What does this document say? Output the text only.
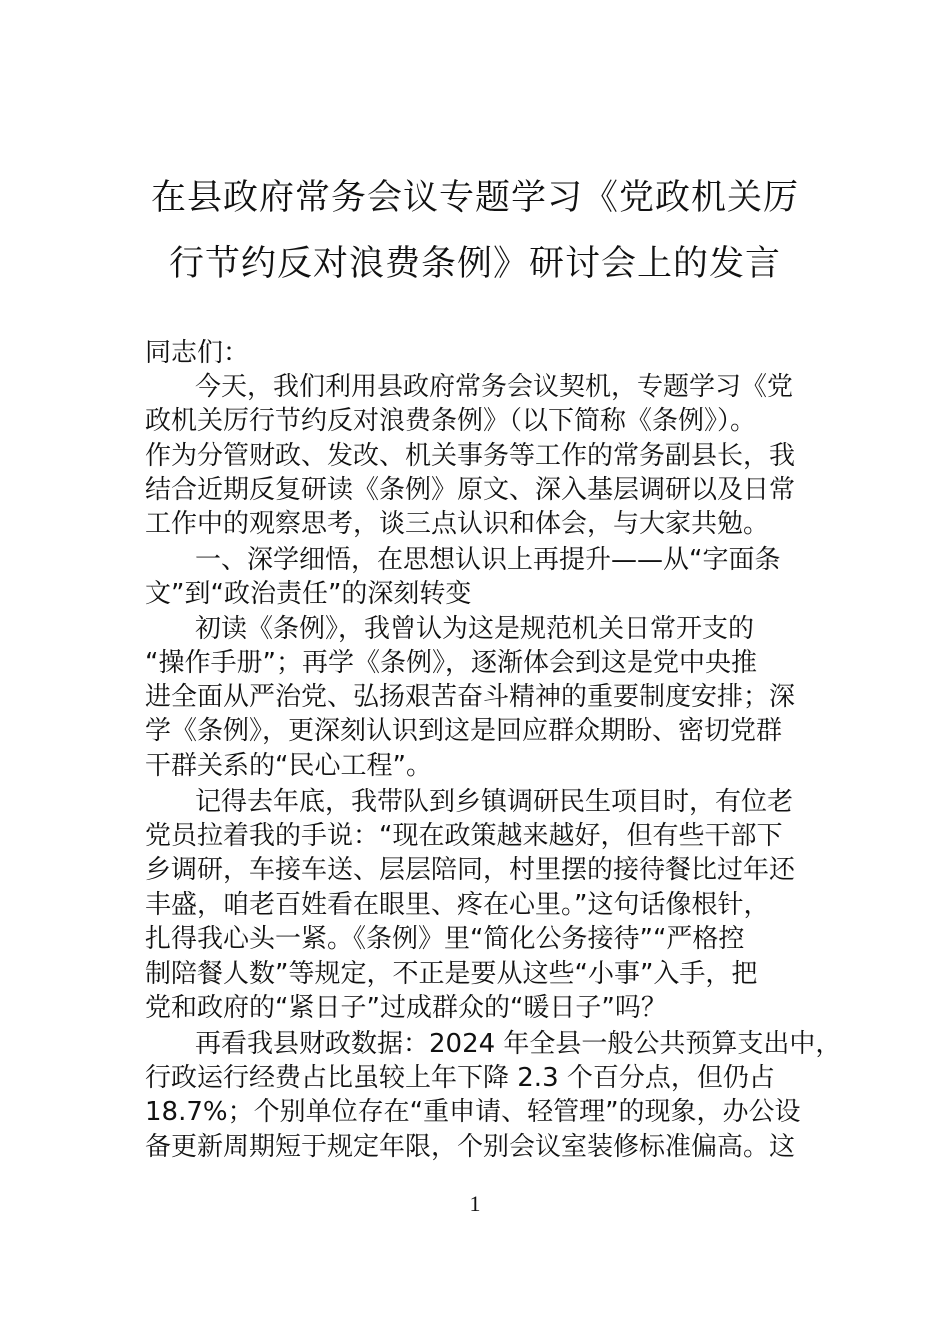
在县政府常务会议专题学习《党政机关厉
行节约反对浪费条例》研讨会上的发言
同志们：
今天，我们利用县政府常务会议契机，专题学习《党
政机关厉行节约反对浪费条例》（以下简称《条例》）。
作为分管财政、发改、机关事务等工作的常务副县长，我
结合近期反复研读《条例》原文、深入基层调研以及日常
工作中的观察思考，谈三点认识和体会，与大家共勉。
一、深学细悟，在思想认识上再提升——从“字面条
文”到“政治责任”的深刻转变
初读《条例》，我曾认为这是规范机关日常开支的
“操作手册”；再学《条例》，逐渐体会到这是党中央推
进全面从严治党、弘扬艰苦奋斗精神的重要制度安排；深
学《条例》，更深刻认识到这是回应群众期盼、密切党群
干群关系的“民心工程”。
记得去年底，我带队到乡镇调研民生项目时，有位老
党员拉着我的手说：“现在政策越来越好，但有些干部下
乡调研，车接车送、层层陪同，村里摆的接待餐比过年还
丰盛，咱老百姓看在眼里、疼在心里。”这句话像根针，
扎得我心头一紧。《条例》里“简化公务接待”“严格控
制陪餐人数”等规定，不正是要从这些“小事”入手，把
党和政府的“紧日子”过成群众的“暖日子”吗？
再看我县财政数据：2024 年全县一般公共预算支出中，
行政运行经费占比虽较上年下降 2.3 个百分点，但仍占
18.7%；个别单位存在“重申请、轻管理”的现象，办公设
备更新周期短于规定年限，个别会议室装修标准偏高。这
1
